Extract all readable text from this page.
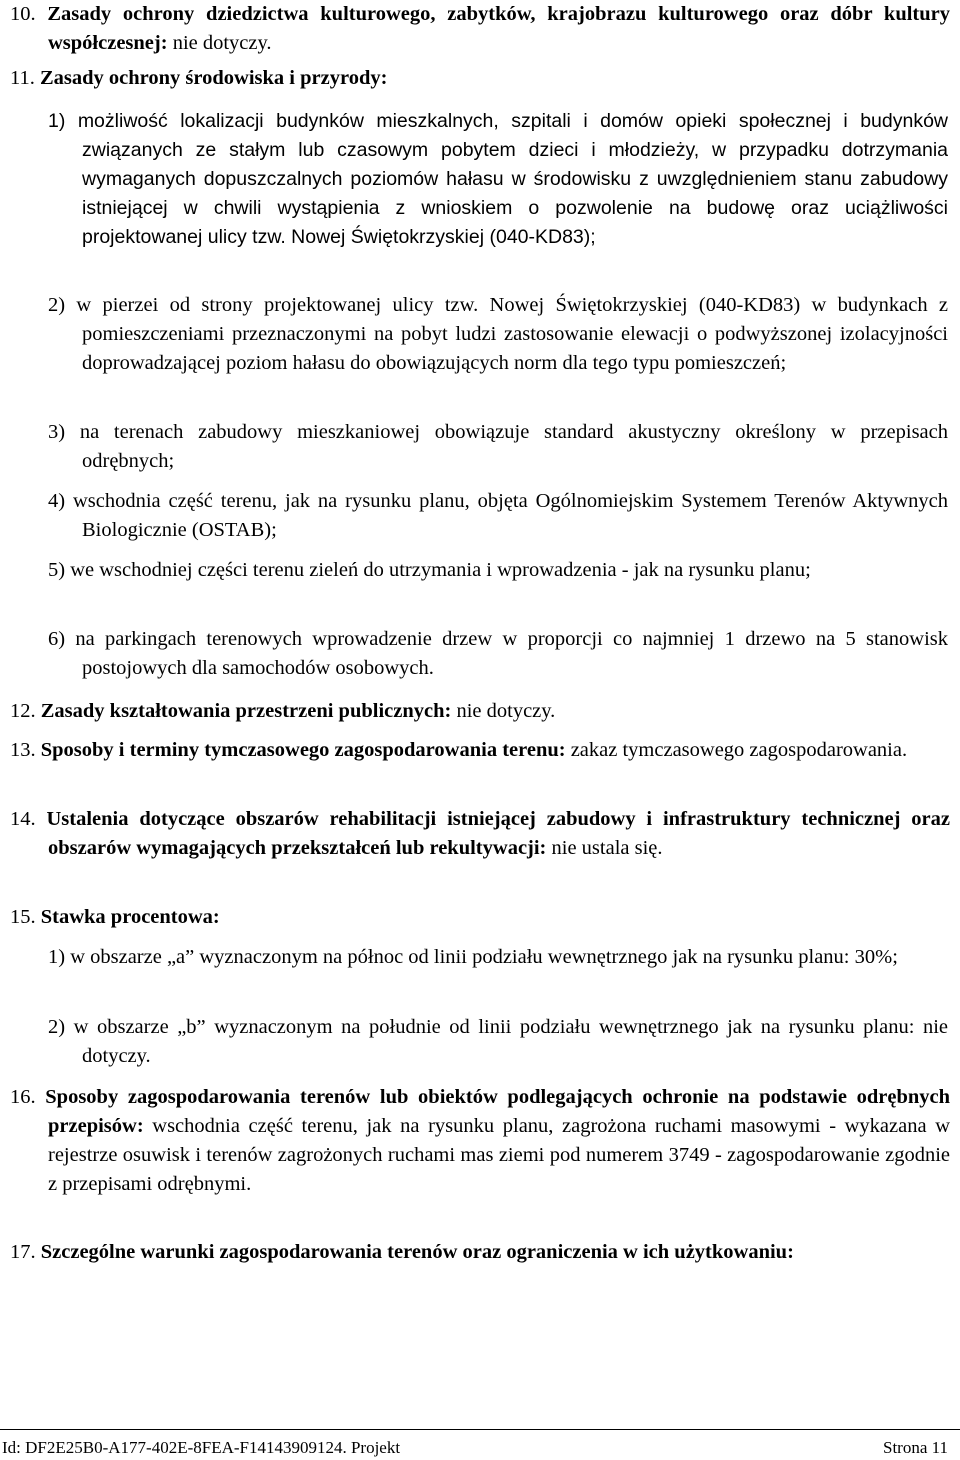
10. Zasady ochrony dziedzictwa kulturowego, zabytków, krajobrazu kulturowego oraz dóbr kultury współczesnej: nie dotyczy.
11. Zasady ochrony środowiska i przyrody:
1) możliwość lokalizacji budynków mieszkalnych, szpitali i domów opieki społecznej i budynków związanych ze stałym lub czasowym pobytem dzieci i młodzieży, w przypadku dotrzymania wymaganych dopuszczalnych poziomów hałasu w środowisku z uwzględnieniem stanu zabudowy istniejącej w chwili wystąpienia z wnioskiem o pozwolenie na budowę oraz uciążliwości projektowanej ulicy tzw. Nowej Świętokrzyskiej (040-KD83);
2) w pierzei od strony projektowanej ulicy tzw. Nowej Świętokrzyskiej (040-KD83) w budynkach z pomieszczeniami przeznaczonymi na pobyt ludzi zastosowanie elewacji o podwyższonej izolacyjności doprowadzającej poziom hałasu do obowiązujących norm dla tego typu pomieszczeń;
3) na terenach zabudowy mieszkaniowej obowiązuje standard akustyczny określony w przepisach odrębnych;
4) wschodnia część terenu, jak na rysunku planu, objęta Ogólnomiejskim Systemem Terenów Aktywnych Biologicznie (OSTAB);
5) we wschodniej części terenu zieleń do utrzymania i wprowadzenia - jak na rysunku planu;
6) na parkingach terenowych wprowadzenie drzew w proporcji co najmniej 1 drzewo na 5 stanowisk postojowych dla samochodów osobowych.
12. Zasady kształtowania przestrzeni publicznych: nie dotyczy.
13. Sposoby i terminy tymczasowego zagospodarowania terenu: zakaz tymczasowego zagospodarowania.
14. Ustalenia dotyczące obszarów rehabilitacji istniejącej zabudowy i infrastruktury technicznej oraz obszarów wymagających przekształceń lub rekultywacji: nie ustala się.
15. Stawka procentowa:
1) w obszarze „a” wyznaczonym na północ od linii podziału wewnętrznego jak na rysunku planu: 30%;
2) w obszarze „b” wyznaczonym na południe od linii podziału wewnętrznego jak na rysunku planu: nie dotyczy.
16. Sposoby zagospodarowania terenów lub obiektów podlegających ochronie na podstawie odrębnych przepisów: wschodnia część terenu, jak na rysunku planu, zagrożona ruchami masowymi - wykazana w rejestrze osuwisk i terenów zagrożonych ruchami mas ziemi pod numerem 3749 - zagospodarowanie zgodnie z przepisami odrębnymi.
17. Szczególne warunki zagospodarowania terenów oraz ograniczenia w ich użytkowaniu:
Id: DF2E25B0-A177-402E-8FEA-F14143909124. Projekt	Strona 11
